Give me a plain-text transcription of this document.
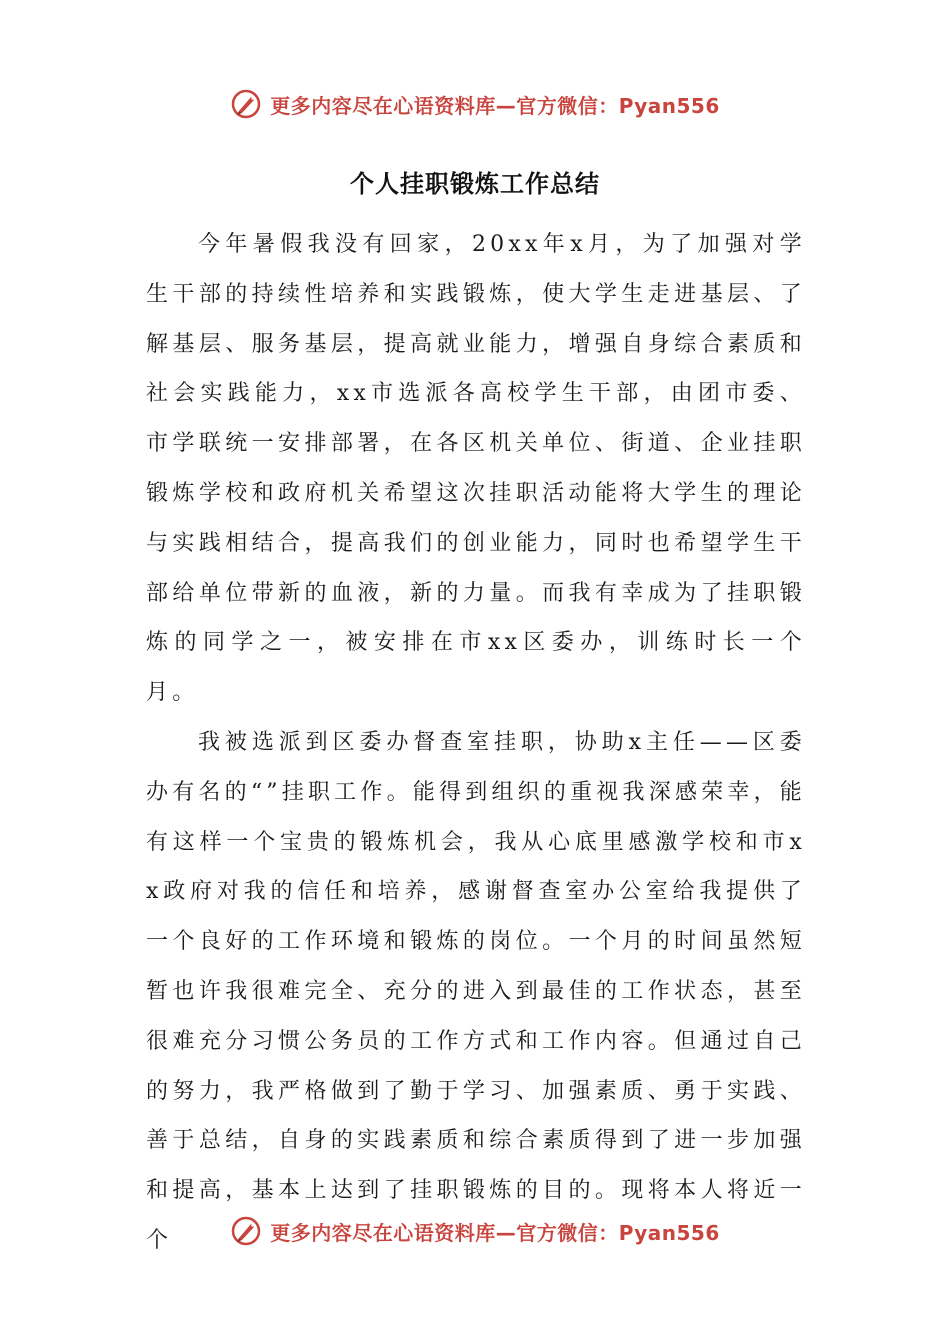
更多内容尽在心语资料库—官方微信：Pyan556
个人挂职锻炼工作总结

今年暑假我没有回家，20xx年x月，为了加强对学生干部的持续性培养和实践锻炼，使大学生走进基层、了解基层、服务基层，提高就业能力，增强自身综合素质和社会实践能力，xx市选派各高校学生干部，由团市委、市学联统一安排部署，在各区机关单位、街道、企业挂职锻炼学校和政府机关希望这次挂职活动能将大学生的理论与实践相结合，提高我们的创业能力，同时也希望学生干部给单位带新的血液，新的力量。而我有幸成为了挂职锻炼的同学之一，被安排在市xx区委办，训练时长一个月。

我被选派到区委办督查室挂职，协助x主任——区委办有名的“”挂职工作。能得到组织的重视我深感荣幸，能有这样一个宝贵的锻炼机会，我从心底里感激学校和市xx政府对我的信任和培养，感谢督查室办公室给我提供了一个良好的工作环境和锻炼的岗位。一个月的时间虽然短暂也许我很难完全、充分的进入到最佳的工作状态，甚至很难充分习惯公务员的工作方式和工作内容。但通过自己的努力，我严格做到了勤于学习、加强素质、勇于实践、善于总结，自身的实践素质和综合素质得到了进一步加强和提高，基本上达到了挂职锻炼的目的。现将本人将近一个	更多内容尽在心语资料库—官方微信：Pyan556
